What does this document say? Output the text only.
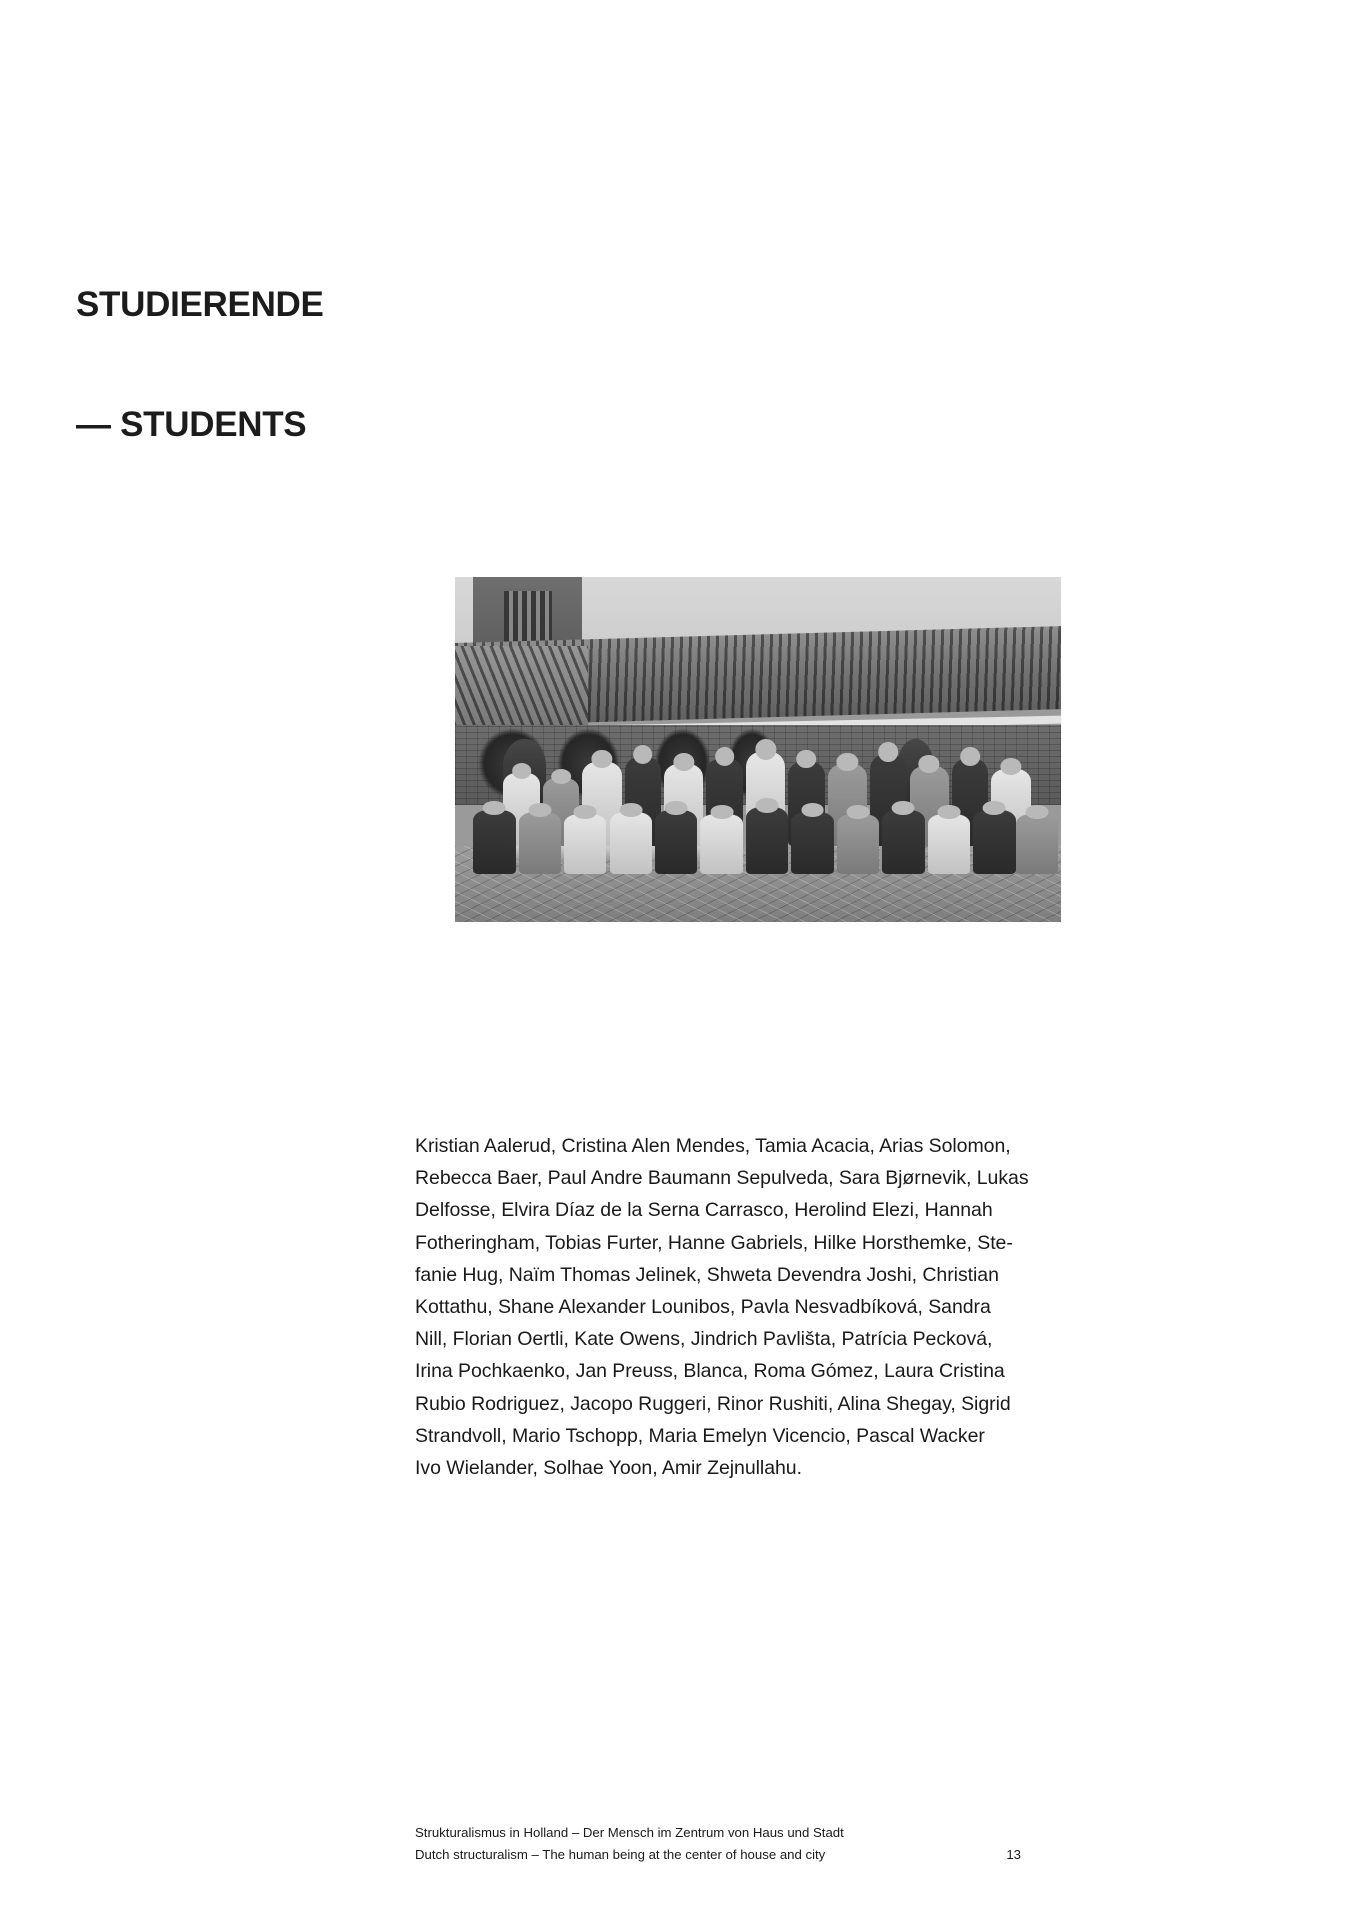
STUDIERENDE

— STUDENTS

Kristian Aalerud, Cristina Alen Mendes, Tamia Acacia, Arias Solomon,
Rebecca Baer, Paul Andre Baumann Sepulveda, Sara Bjørnevik, Lukas
Delfosse, Elvira Díaz de la Serna Carrasco, Herolind Elezi, Hannah
Fotheringham, Tobias Furter, Hanne Gabriels, Hilke Horsthemke, Ste-
fanie Hug, Naïm Thomas Jelinek, Shweta Devendra Joshi, Christian
Kottathu, Shane Alexander Lounibos, Pavla Nesvadbíková, Sandra
Nill, Florian Oertli, Kate Owens, Jindrich Pavlišta, Patrícia Pecková,
Irina Pochkaenko, Jan Preuss, Blanca, Roma Gómez, Laura Cristina
Rubio Rodriguez, Jacopo Ruggeri, Rinor Rushiti, Alina Shegay, Sigrid
Strandvoll, Mario Tschopp, Maria Emelyn Vicencio, Pascal Wacker
Ivo Wielander, Solhae Yoon, Amir Zejnullahu.
Strukturalismus in Holland – Der Mensch im Zentrum von Haus und Stadt
Dutch structuralism – The human being at the center of house and city	13
